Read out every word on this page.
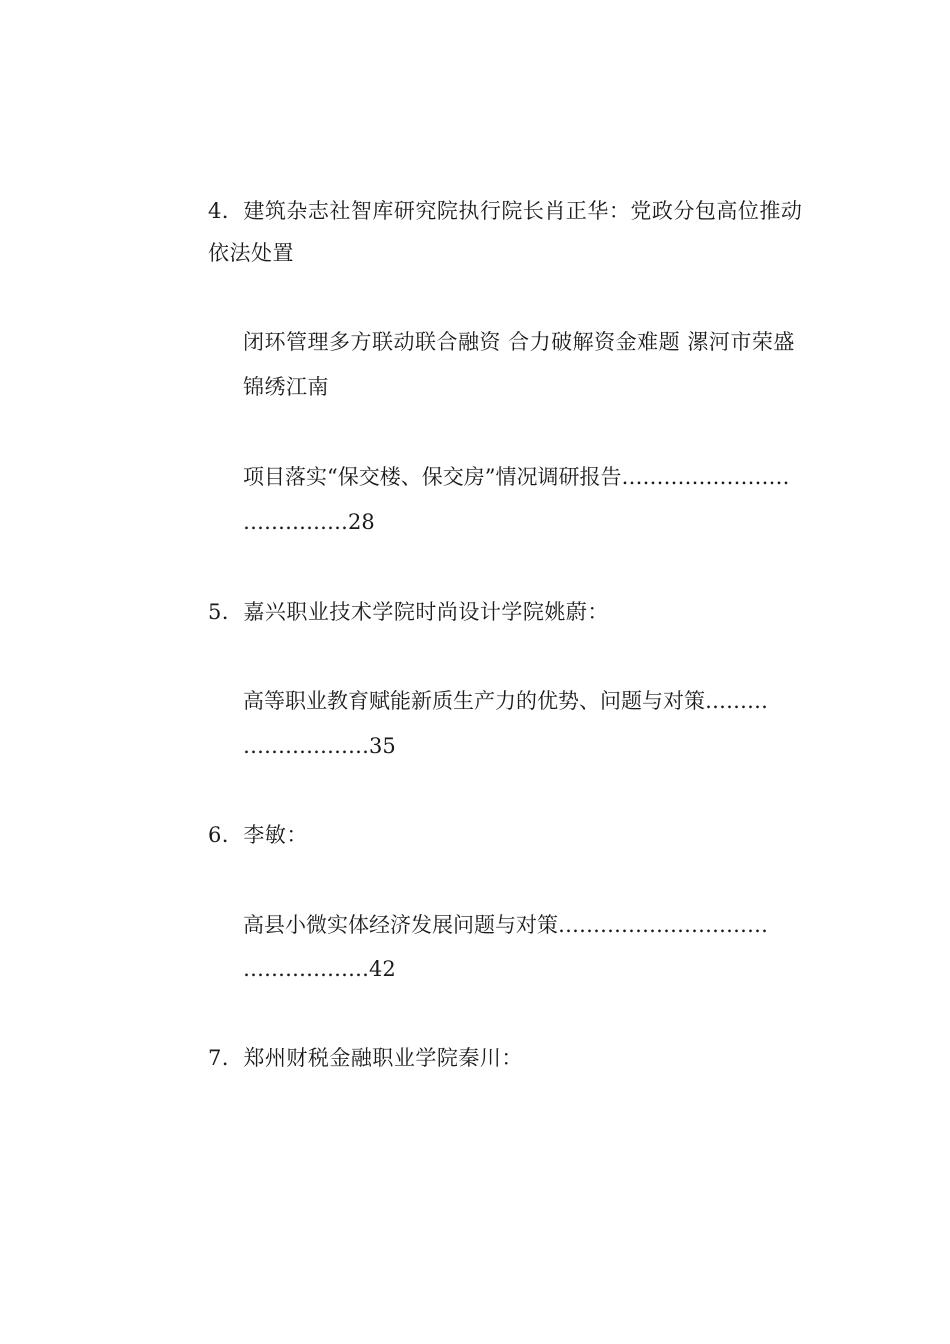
4．建筑杂志社智库研究院执行院长肖正华：党政分包高位推动
依法处置
闭环管理多方联动联合融资 合力破解资金难题 漯河市荣盛
锦绣江南
项目落实“保交楼、保交房”情况调研报告……………………
……………28
5．嘉兴职业技术学院时尚设计学院姚蔚：
高等职业教育赋能新质生产力的优势、问题与对策………
………………35
6．李敏：
高县小微实体经济发展问题与对策…………………………
………………42
7．郑州财税金融职业学院秦川：
